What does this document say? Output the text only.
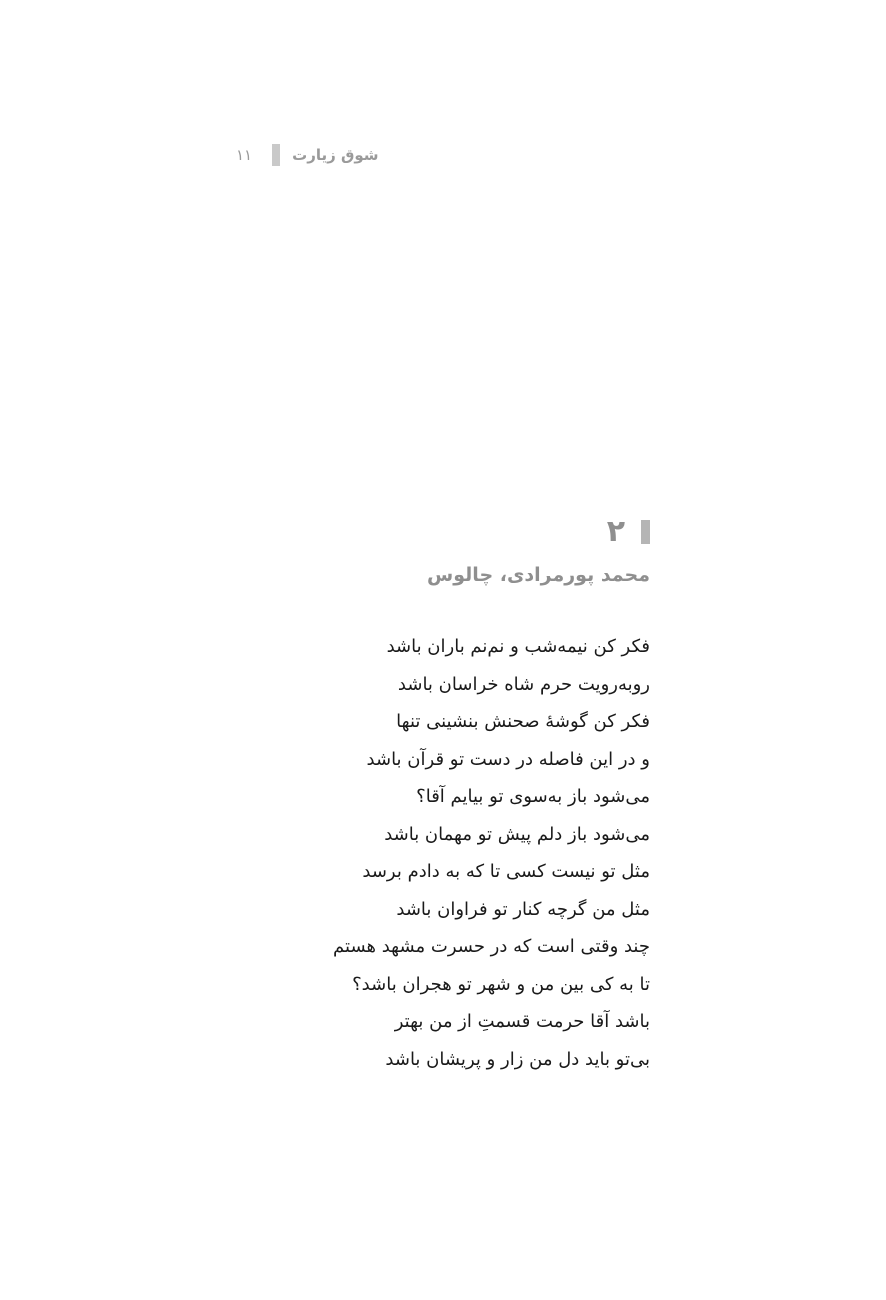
۱۱	شوق زیارت
۲
محمد پورمرادی، چالوس
فکر کن نیمه‌شب و نم‌نم باران باشد
روبه‌رویت حرم شاه خراسان باشد
فکر کن گوشهٔ صحنش بنشینی تنها
و در این فاصله در دست تو قرآن باشد
می‌شود باز به‌سوی تو بیایم آقا؟
می‌شود باز دلم پیش تو مهمان باشد
مثل تو نیست کسی تا که به دادم برسد
مثل من گرچه کنار تو فراوان باشد
چند وقتی است که در حسرت مشهد هستم
تا به کی بین من و شهر تو هجران باشد؟
باشد آقا حرمت قسمتِ از من بهتر
بی‌تو باید دل من زار و پریشان باشد
